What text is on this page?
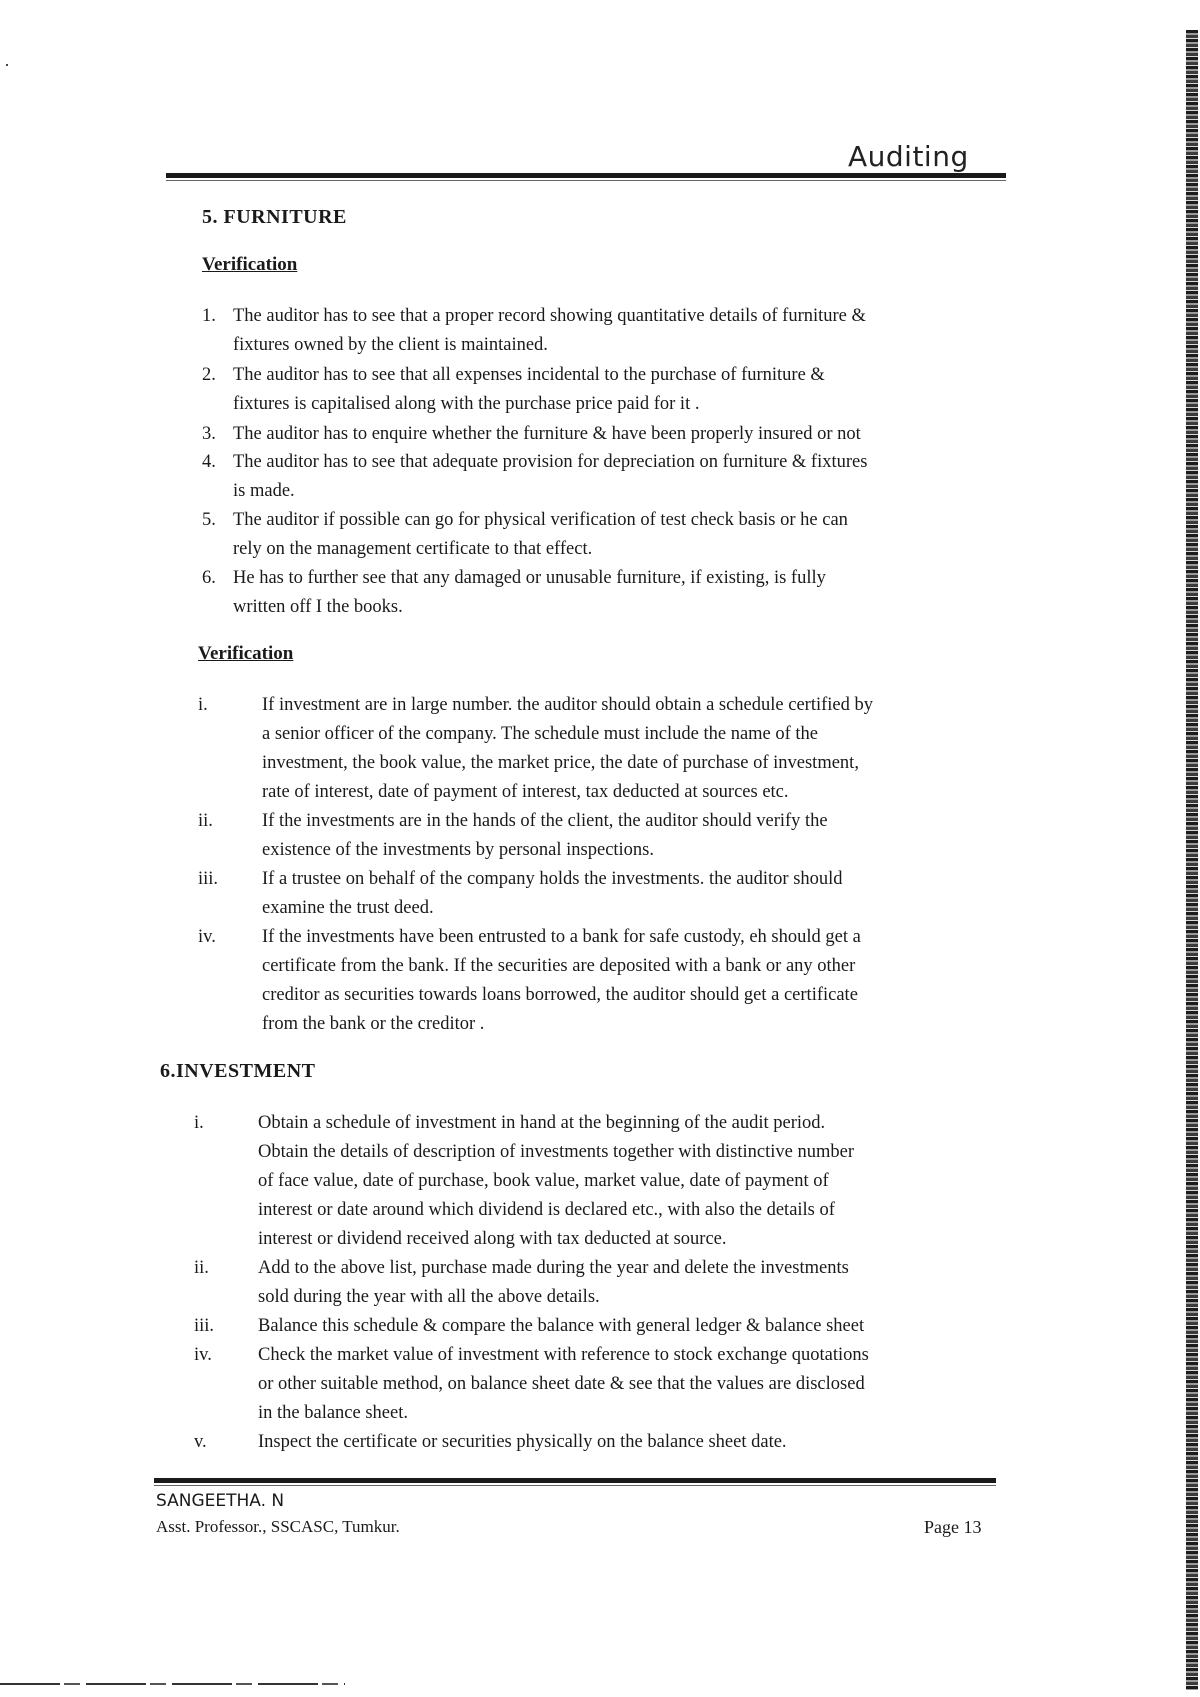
Auditing
5. FURNITURE
Verification
1. The auditor has to see that a proper record showing quantitative details of furniture &
fixtures owned by the client is maintained.
2. The auditor has to see that all expenses incidental to the purchase of furniture &
fixtures is capitalised along with the purchase price paid for it .
3. The auditor has to enquire whether the furniture & have been properly insured or not
4. The auditor has to see that adequate provision for depreciation on furniture & fixtures
is made.
5. The auditor if possible can go for physical verification of test check basis or he can
rely on the management certificate to that effect.
6. He has to further see that any damaged or unusable furniture, if existing, is fully
written off I the books.
Verification
i.	If investment are in large number. the auditor should obtain a schedule certified by
a senior officer of the company. The schedule must include the name of the
investment, the book value, the market price, the date of purchase of investment,
rate of interest, date of payment of interest, tax deducted at sources etc.
ii.	If the investments are in the hands of the client, the auditor should verify the
existence of the investments by personal inspections.
iii. If a trustee on behalf of the company holds the investments. the auditor should
examine the trust deed.
iv. If the investments have been entrusted to a bank for safe custody, eh should get a
certificate from the bank. If the securities are deposited with a bank or any other
creditor as securities towards loans borrowed, the auditor should get a certificate
from the bank or the creditor .
6.INVESTMENT
i.	Obtain a schedule of investment in hand at the beginning of the audit period.
Obtain the details of description of investments together with distinctive number
of face value, date of purchase, book value, market value, date of payment of
interest or date around which dividend is declared etc., with also the details of
interest or dividend received along with tax deducted at source.
ii.	Add to the above list, purchase made during the year and delete the investments
sold during the year with all the above details.
iii. Balance this schedule & compare the balance with general ledger & balance sheet
iv. Check the market value of investment with reference to stock exchange quotations
or other suitable method, on balance sheet date & see that the values are disclosed
in the balance sheet.
v.	Inspect the certificate or securities physically on the balance sheet date.
SANGEETHA. N
Asst. Professor., SSCASC, Tumkur.	Page 13
